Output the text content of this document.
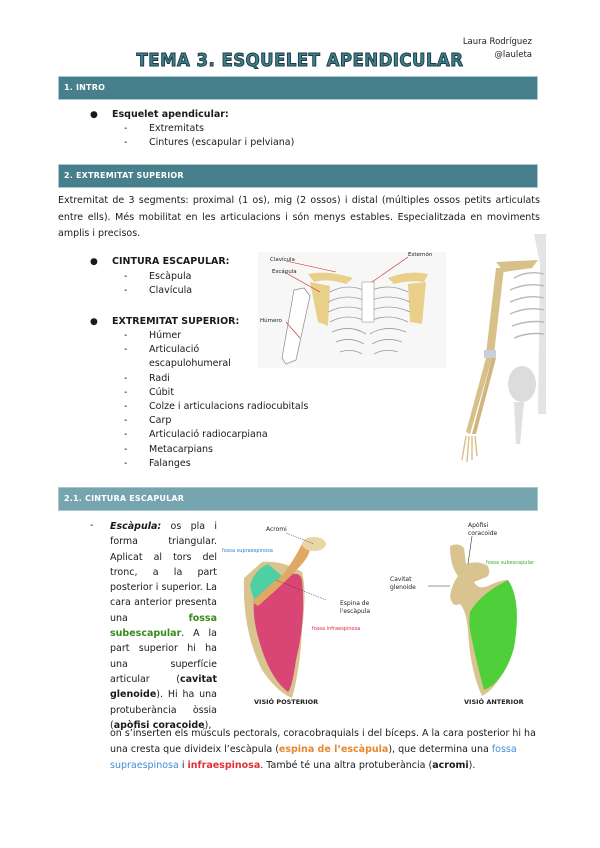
Laura Rodríguez
@lauleta
TEMA 3. ESQUELET APENDICULAR
1. INTRO
● Esquelet apendicular:
- Extremitats
- Cintures (escapular i pelviana)
2. EXTREMITAT SUPERIOR
Extremitat de 3 segments: proximal (1 os), mig (2 ossos) i distal (múltiples ossos petits articulats entre ells). Més mobilitat en les articulacions i són menys estables. Especialitzada en moviments amplis i precisos.
● CINTURA ESCAPULAR:
- Escàpula
- Clavícula
● EXTREMITAT SUPERIOR:
- Húmer
- Articulació escapulohumeral
- Radi
- Cúbit
- Colze i articulacions radiocubitals
- Carp
- Articulació radiocarpiana
- Metacarpians
- Falanges
Clavícula
Escápula
Húmero
Esternón
2.1. CINTURA ESCAPULAR
- Escàpula: os pla i forma triangular. Aplicat al tors del tronc, a la part posterior i superior. La cara anterior presenta una fossa subescapular. A la part superior hi ha una superfície articular (cavitat glenoide). Hi ha una protuberància òssia (apòfisi coracoide),
on s’inserten els músculs pectorals, coracobraquials i del bíceps. A la cara posterior hi ha una cresta que divideix l’escàpula (espina de l’escàpula), que determina una fossa supraespinosa i infraespinosa. També té una altra protuberància (acromi).
Acromi
fossa supraespinosa
Espina de l'escàpula
fossa infraespinosa
VISIÓ POSTERIOR
Apòfisi coracoide
Cavitat glenoide
fossa subescapular
VISIÓ ANTERIOR
